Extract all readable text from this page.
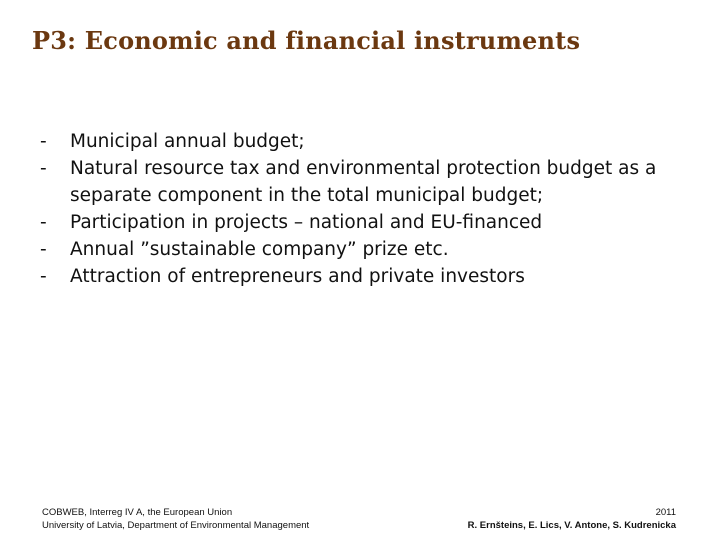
P3: Economic and financial instruments
-	Municipal annual budget;
-	Natural resource tax and environmental protection budget as a separate component in the total municipal budget;
-	Participation in projects – national and EU-financed
-	Annual ”sustainable company” prize etc.
-	Attraction of entrepreneurs and private investors
COBWEB, Interreg IV A, the European Union
University of Latvia, Department of Environmental Management
2011
R. Ernšteins, E. Lics, V. Antone, S. Kudrenicka
